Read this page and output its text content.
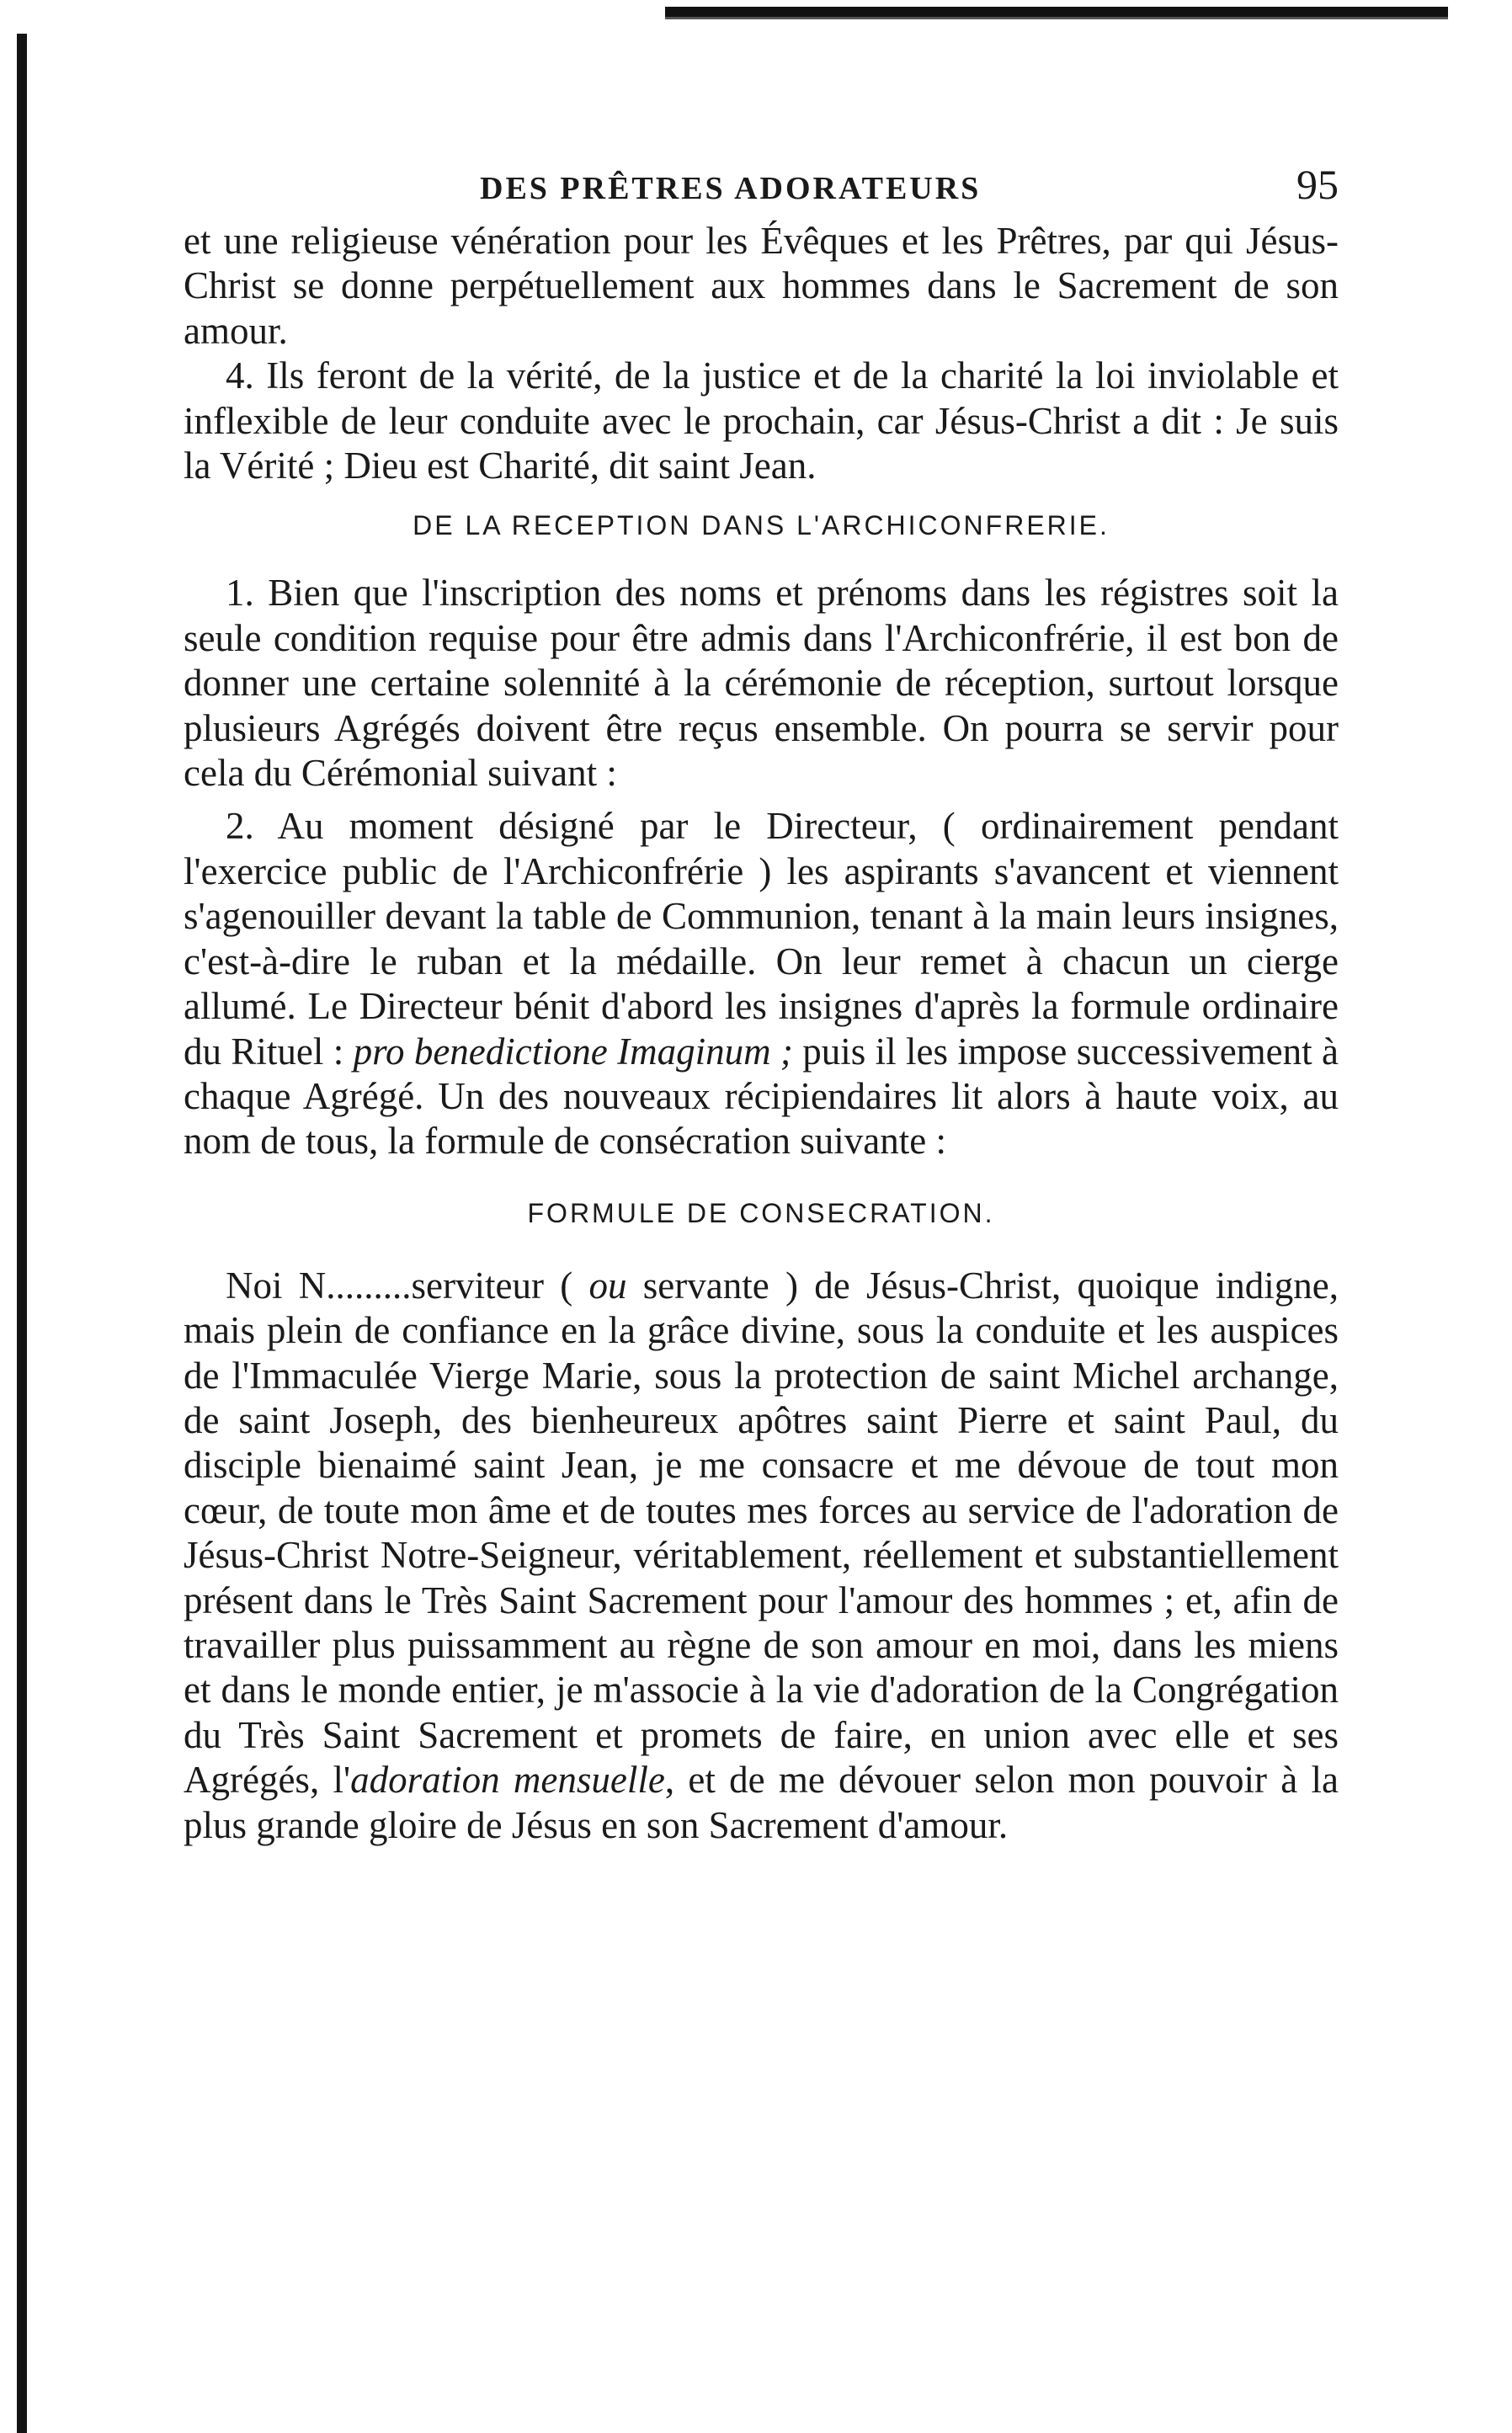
DES PRÊTRES ADORATEURS	95

et une religieuse vénération pour les Évêques et les Prêtres, par qui Jésus-Christ se donne perpétuellement aux hommes dans le Sacrement de son amour.

4. Ils feront de la vérité, de la justice et de la charité la loi inviolable et inflexible de leur conduite avec le prochain, car Jésus-Christ a dit : Je suis la Vérité ; Dieu est Charité, dit saint Jean.

DE LA RECEPTION DANS L'ARCHICONFRERIE.

1. Bien que l'inscription des noms et prénoms dans les régistres soit la seule condition requise pour être admis dans l'Archiconfrérie, il est bon de donner une certaine solennité à la cérémonie de réception, surtout lorsque plusieurs Agrégés doivent être reçus ensemble. On pourra se servir pour cela du Cérémonial suivant :

2. Au moment désigné par le Directeur, ( ordinairement pendant l'exercice public de l'Archiconfrérie ) les aspirants s'avancent et viennent s'agenouiller devant la table de Communion, tenant à la main leurs insignes, c'est-à-dire le ruban et la médaille. On leur remet à chacun un cierge allumé. Le Directeur bénit d'abord les insignes d'après la formule ordinaire du Rituel : pro benedictione Imaginum ; puis il les impose successivement à chaque Agrégé. Un des nouveaux récipiendaires lit alors à haute voix, au nom de tous, la formule de consécration suivante :

FORMULE DE CONSECRATION.

Noi N.........serviteur ( ou servante ) de Jésus-Christ, quoique indigne, mais plein de confiance en la grâce divine, sous la conduite et les auspices de l'Immaculée Vierge Marie, sous la protection de saint Michel archange, de saint Joseph, des bienheureux apôtres saint Pierre et saint Paul, du disciple bienaimé saint Jean, je me consacre et me dévoue de tout mon cœur, de toute mon âme et de toutes mes forces au service de l'adoration de Jésus-Christ Notre-Seigneur, véritablement, réellement et substantiellement présent dans le Très Saint Sacrement pour l'amour des hommes ; et, afin de travailler plus puissamment au règne de son amour en moi, dans les miens et dans le monde entier, je m'associe à la vie d'adoration de la Congrégation du Très Saint Sacrement et promets de faire, en union avec elle et ses Agrégés, l'adoration mensuelle, et de me dévouer selon mon pouvoir à la plus grande gloire de Jésus en son Sacrement d'amour.
